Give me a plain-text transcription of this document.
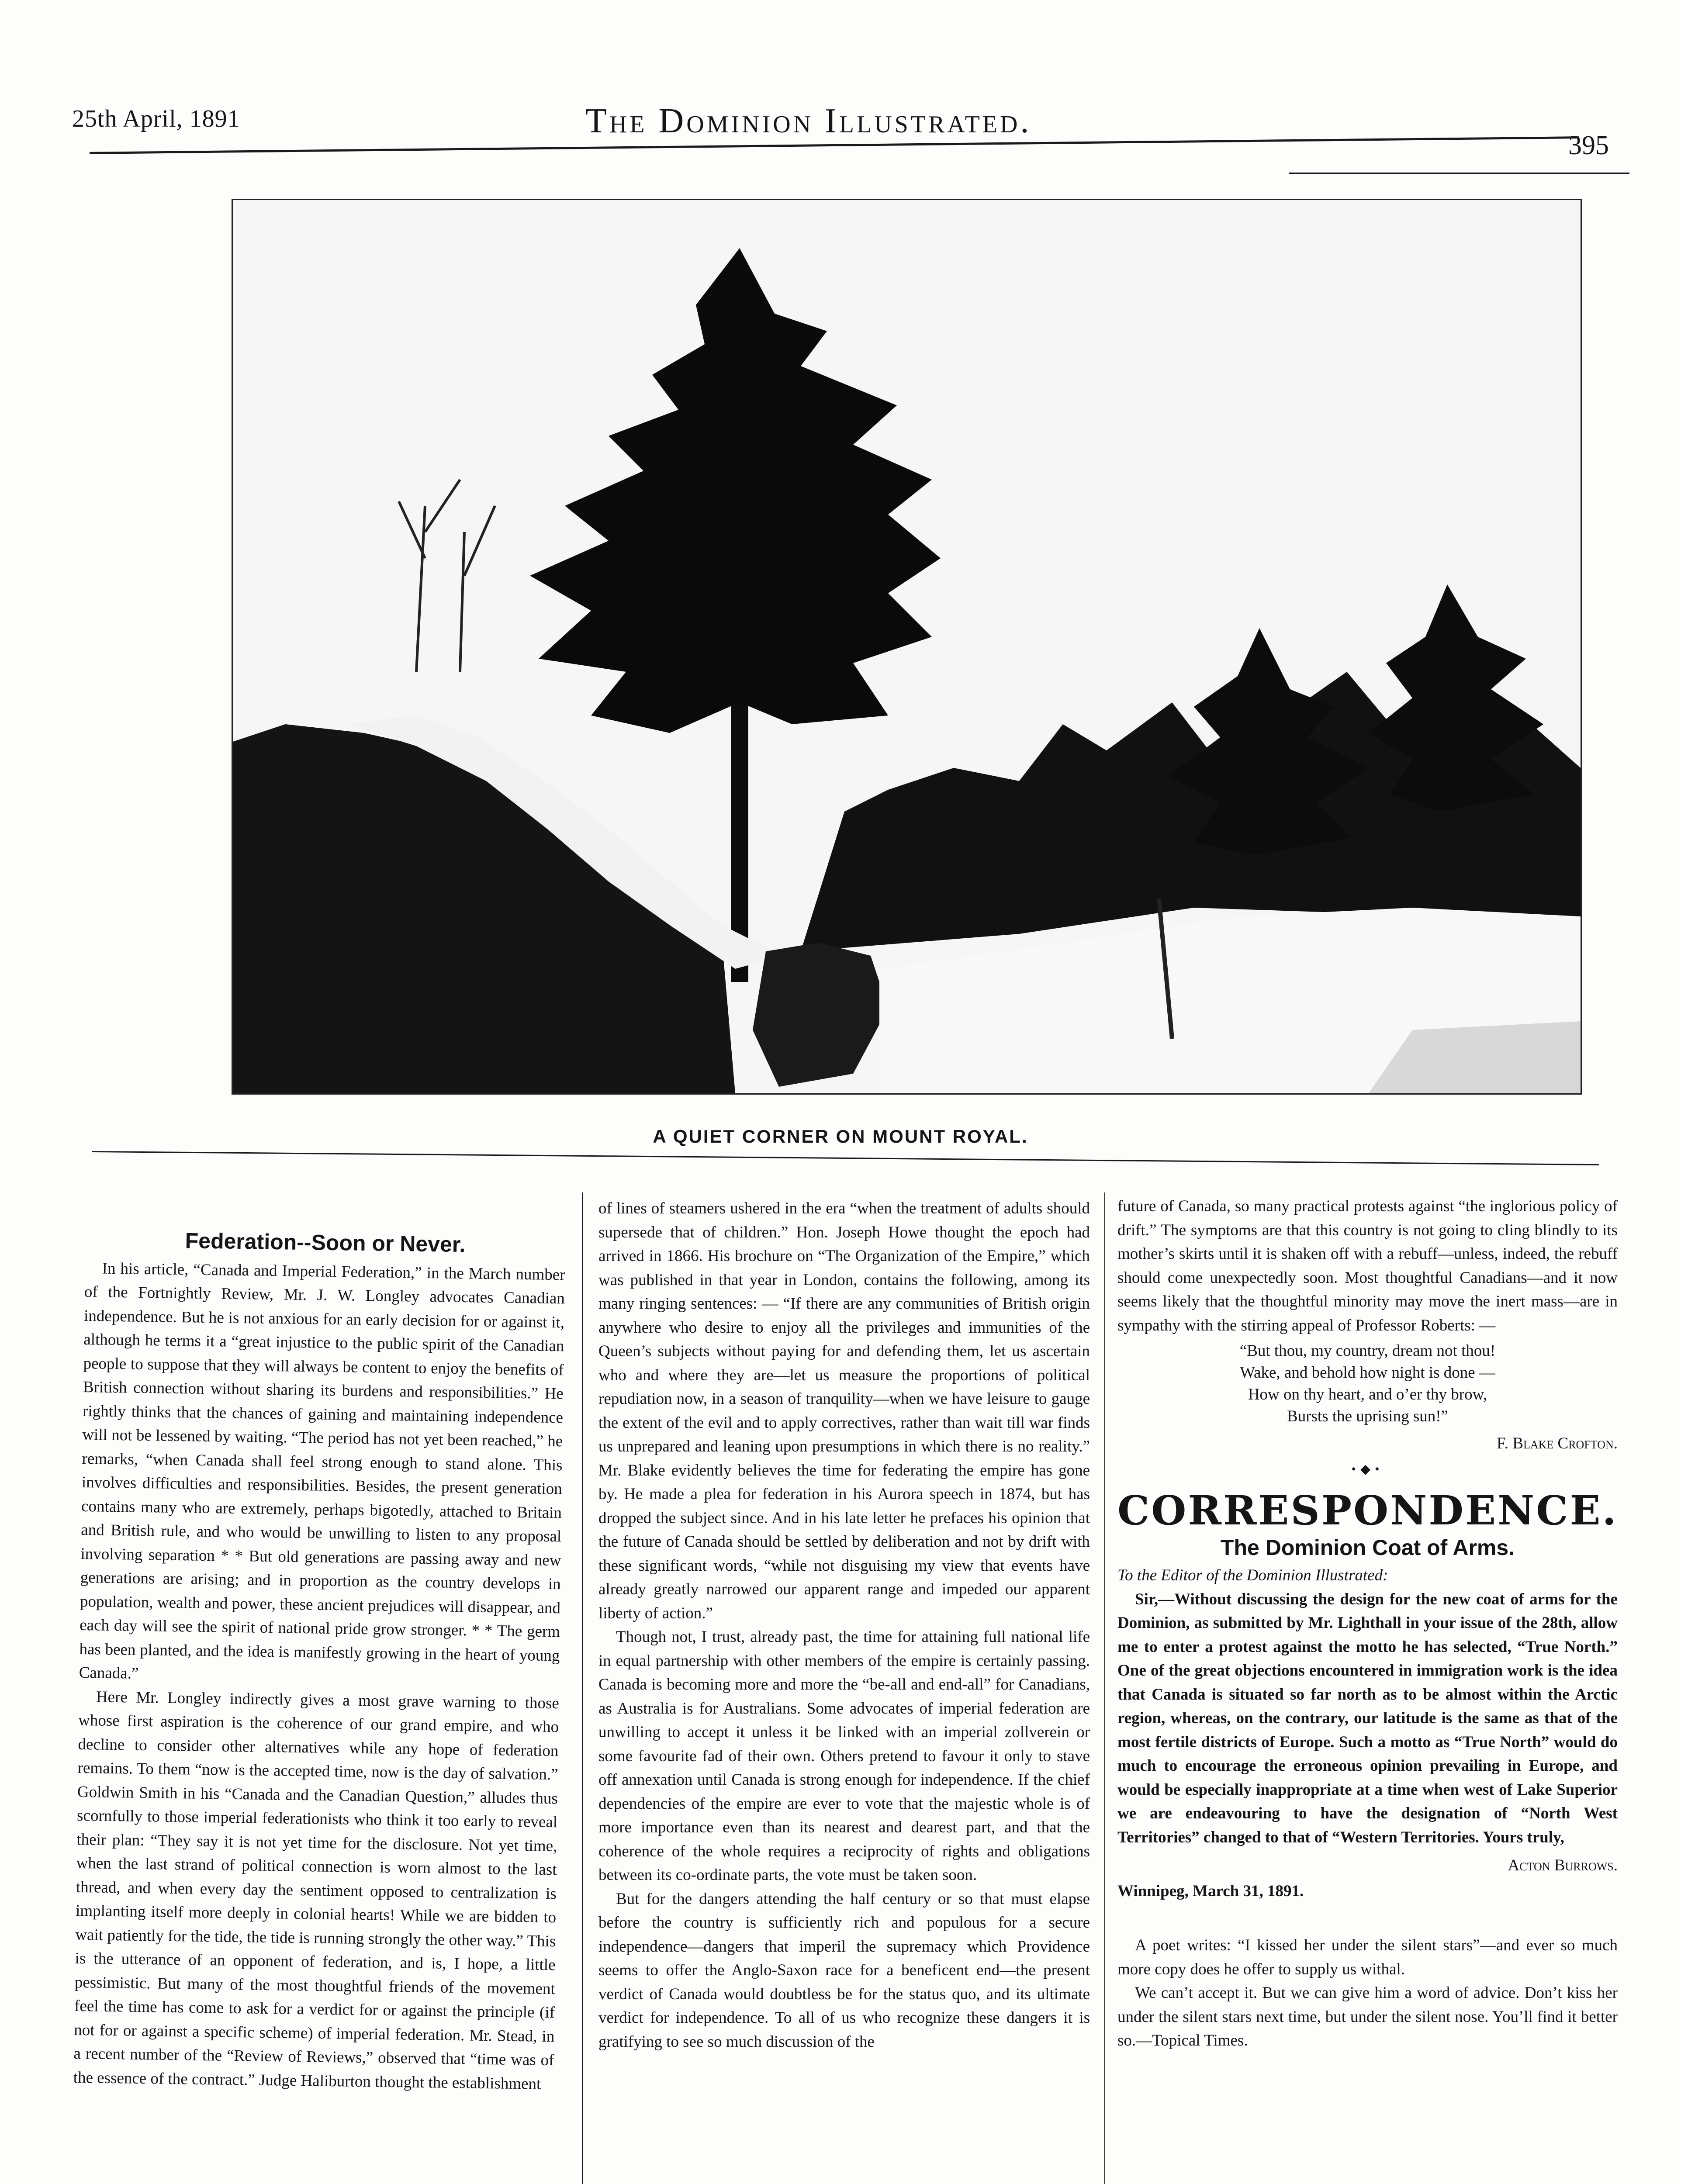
25th April, 1891	The Dominion Illustrated.
395
A QUIET CORNER ON MOUNT ROYAL.
Federation--Soon or Never.

In his article, “Canada and Imperial Federation,” in the March number of the Fortnightly Review, Mr. J. W. Longley advocates Canadian independence. But he is not anxious for an early decision for or against it, although he terms it a “great injustice to the public spirit of the Canadian people to suppose that they will always be content to enjoy the benefits of British connection without sharing its burdens and responsibilities.” He rightly thinks that the chances of gaining and maintaining independence will not be lessened by waiting. “The period has not yet been reached,” he remarks, “when Canada shall feel strong enough to stand alone. This involves difficulties and responsibilities. Besides, the present generation contains many who are extremely, perhaps bigotedly, attached to Britain and British rule, and who would be unwilling to listen to any proposal involving separation * * But old generations are passing away and new generations are arising; and in proportion as the country develops in population, wealth and power, these ancient prejudices will disappear, and each day will see the spirit of national pride grow stronger. * * The germ has been planted, and the idea is manifestly growing in the heart of young Canada.”

Here Mr. Longley indirectly gives a most grave warning to those whose first aspiration is the coherence of our grand empire, and who decline to consider other alternatives while any hope of federation remains. To them “now is the accepted time, now is the day of salvation.” Goldwin Smith in his “Canada and the Canadian Question,” alludes thus scornfully to those imperial federationists who think it too early to reveal their plan: “They say it is not yet time for the disclosure. Not yet time, when the last strand of political connection is worn almost to the last thread, and when every day the sentiment opposed to centralization is implanting itself more deeply in colonial hearts! While we are bidden to wait patiently for the tide, the tide is running strongly the other way.” This is the utterance of an opponent of federation, and is, I hope, a little pessimistic. But many of the most thoughtful friends of the movement feel the time has come to ask for a verdict for or against the principle (if not for or against a specific scheme) of imperial federation. Mr. Stead, in a recent number of the “Review of Reviews,” observed that “time was of the essence of the contract.” Judge Haliburton thought the establishment

of lines of steamers ushered in the era “when the treatment of adults should supersede that of children.” Hon. Joseph Howe thought the epoch had arrived in 1866. His brochure on “The Organization of the Empire,” which was published in that year in London, contains the following, among its many ringing sentences: — “If there are any communities of British origin anywhere who desire to enjoy all the privileges and immunities of the Queen’s subjects without paying for and defending them, let us ascertain who and where they are—let us measure the proportions of political repudiation now, in a season of tranquility—when we have leisure to gauge the extent of the evil and to apply correctives, rather than wait till war finds us unprepared and leaning upon presumptions in which there is no reality.” Mr. Blake evidently believes the time for federating the empire has gone by. He made a plea for federation in his Aurora speech in 1874, but has dropped the subject since. And in his late letter he prefaces his opinion that the future of Canada should be settled by deliberation and not by drift with these significant words, “while not disguising my view that events have already greatly narrowed our apparent range and impeded our apparent liberty of action.”

Though not, I trust, already past, the time for attaining full national life in equal partnership with other members of the empire is certainly passing. Canada is becoming more and more the “be-all and end-all” for Canadians, as Australia is for Australians. Some advocates of imperial federation are unwilling to accept it unless it be linked with an imperial zollverein or some favourite fad of their own. Others pretend to favour it only to stave off annexation until Canada is strong enough for independence. If the chief dependencies of the empire are ever to vote that the majestic whole is of more importance even than its nearest and dearest part, and that the coherence of the whole requires a reciprocity of rights and obligations between its co-ordinate parts, the vote must be taken soon.

But for the dangers attending the half century or so that must elapse before the country is sufficiently rich and populous for a secure independence—dangers that imperil the supremacy which Providence seems to offer the Anglo-Saxon race for a beneficent end—the present verdict of Canada would doubtless be for the status quo, and its ultimate verdict for independence. To all of us who recognize these dangers it is gratifying to see so much discussion of the

future of Canada, so many practical protests against “the inglorious policy of drift.” The symptoms are that this country is not going to cling blindly to its mother’s skirts until it is shaken off with a rebuff—unless, indeed, the rebuff should come unexpectedly soon. Most thoughtful Canadians—and it now seems likely that the thoughtful minority may move the inert mass—are in sympathy with the stirring appeal of Professor Roberts: —

“But thou, my country, dream not thou!
Wake, and behold how night is done —
How on thy heart, and o’er thy brow,
Bursts the uprising sun!”
F. Blake Crofton.
•◆•
CORRESPONDENCE.
The Dominion Coat of Arms.

To the Editor of the Dominion Illustrated:

Sir,—Without discussing the design for the new coat of arms for the Dominion, as submitted by Mr. Lighthall in your issue of the 28th, allow me to enter a protest against the motto he has selected, “True North.” One of the great objections encountered in immigration work is the idea that Canada is situated so far north as to be almost within the Arctic region, whereas, on the contrary, our latitude is the same as that of the most fertile districts of Europe. Such a motto as “True North” would do much to encourage the erroneous opinion prevailing in Europe, and would be especially inappropriate at a time when west of Lake Superior we are endeavouring to have the designation of “North West Territories” changed to that of “Western Territories. Yours truly,

Acton Burrows.
Winnipeg, March 31, 1891.

A poet writes: “I kissed her under the silent stars”—and ever so much more copy does he offer to supply us withal.

We can’t accept it. But we can give him a word of advice. Don’t kiss her under the silent stars next time, but under the silent nose. You’ll find it better so.—Topical Times.
